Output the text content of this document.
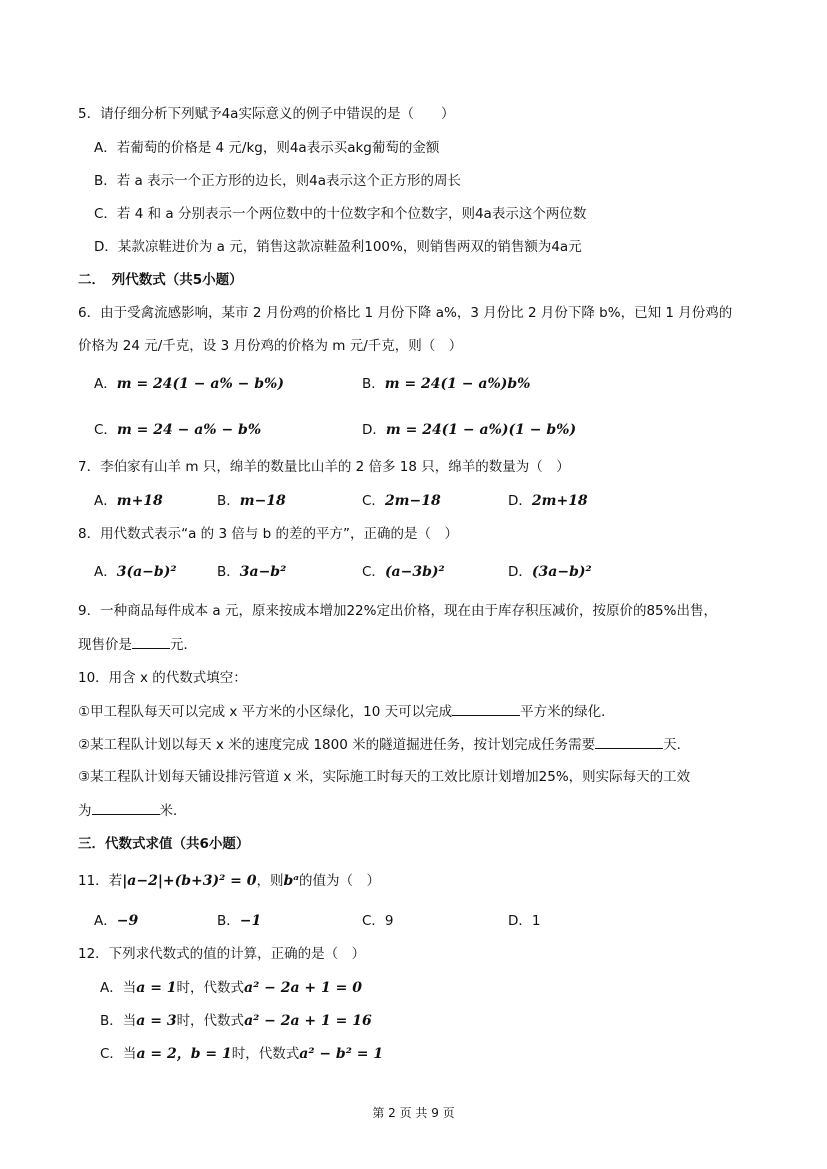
5．请仔细分析下列赋予4a实际意义的例子中错误的是（　　）
A．若葡萄的价格是 4 元/kg，则4a表示买akg葡萄的金额
B．若 a 表示一个正方形的边长，则4a表示这个正方形的周长
C．若 4 和 a 分别表示一个两位数中的十位数字和个位数字，则4a表示这个两位数
D．某款凉鞋进价为 a 元，销售这款凉鞋盈利100%，则销售两双的销售额为4a元
二．　列代数式（共5小题）
6．由于受禽流感影响，某市 2 月份鸡的价格比 1 月份下降 a%，3 月份比 2 月份下降 b%，已知 1 月份鸡的
价格为 24 元/千克，设 3 月份鸡的价格为 m 元/千克，则（　）
A．m = 24(1 − a% − b%)	B．m = 24(1 − a%)b%
C．m = 24 − a% − b%	D．m = 24(1 − a%)(1 − b%)
7．李伯家有山羊 m 只，绵羊的数量比山羊的 2 倍多 18 只，绵羊的数量为（　）
A．m+18	B．m−18	C．2m−18	D．2m+18
8．用代数式表示“a 的 3 倍与 b 的差的平方”，正确的是（　）
A．3(a−b)²	B．3a−b²	C．(a−3b)²	D．(3a−b)²
9．一种商品每件成本 a 元，原来按成本增加22%定出价格，现在由于库存积压减价，按原价的85%出售，
现售价是	元．
10．用含 x 的代数式填空：
①甲工程队每天可以完成 x 平方米的小区绿化，10 天可以完成	平方米的绿化．
②某工程队计划以每天 x 米的速度完成 1800 米的隧道掘进任务，按计划完成任务需要	天．
③某工程队计划每天铺设排污管道 x 米，实际施工时每天的工效比原计划增加25%，则实际每天的工效
为	米．
三．代数式求值（共6小题）
11．若|a−2|+(b+3)² = 0，则bᵃ的值为（　）
A．−9	B．−1	C．9	D．1
12．下列求代数式的值的计算，正确的是（　）
A．当a = 1时，代数式a² − 2a + 1 = 0
B．当a = 3时，代数式a² − 2a + 1 = 16
C．当a = 2，b = 1时，代数式a² − b² = 1
第 2 页 共 9 页
